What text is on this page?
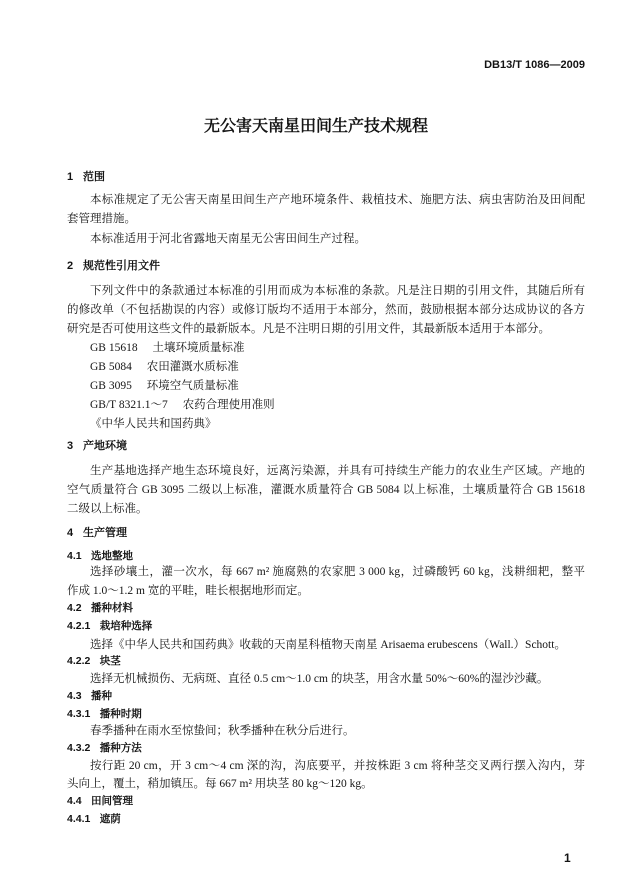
DB13/T 1086—2009
无公害天南星田间生产技术规程
1 范围
本标准规定了无公害天南星田间生产产地环境条件、栽植技术、施肥方法、病虫害防治及田间配
套管理措施。
本标准适用于河北省露地天南星无公害田间生产过程。
2 规范性引用文件
下列文件中的条款通过本标准的引用而成为本标准的条款。凡是注日期的引用文件，其随后所有
的修改单（不包括勘误的内容）或修订版均不适用于本部分，然而，鼓励根据本部分达成协议的各方
研究是否可使用这些文件的最新版本。凡是不注明日期的引用文件，其最新版本适用于本部分。
GB 15618 土壤环境质量标准
GB 5084 农田灌溉水质标准
GB 3095 环境空气质量标准
GB/T 8321.1～7 农药合理使用准则
《中华人民共和国药典》
3 产地环境
生产基地选择产地生态环境良好，远离污染源，并具有可持续生产能力的农业生产区域。产地的
空气质量符合 GB 3095 二级以上标准，灌溉水质量符合 GB 5084 以上标准，土壤质量符合 GB 15618
二级以上标准。
4 生产管理
4.1 选地整地
选择砂壤土，灌一次水，每 667 m² 施腐熟的农家肥 3 000 kg，过磷酸钙 60 kg，浅耕细耙，整平
作成 1.0～1.2 m 宽的平畦，畦长根据地形而定。
4.2 播种材料
4.2.1 栽培种选择
选择《中华人民共和国药典》收载的天南星科植物天南星 Arisaema erubescens（Wall.）Schott。
4.2.2 块茎
选择无机械损伤、无病斑、直径 0.5 cm～1.0 cm 的块茎，用含水量 50%～60%的湿沙沙藏。
4.3 播种
4.3.1 播种时期
春季播种在雨水至惊蛰间；秋季播种在秋分后进行。
4.3.2 播种方法
按行距 20 cm，开 3 cm～4 cm 深的沟，沟底要平，并按株距 3 cm 将种茎交叉两行摆入沟内，芽
头向上，覆土，稍加镇压。每 667 m² 用块茎 80 kg～120 kg。
4.4 田间管理
4.4.1 遮荫
1
